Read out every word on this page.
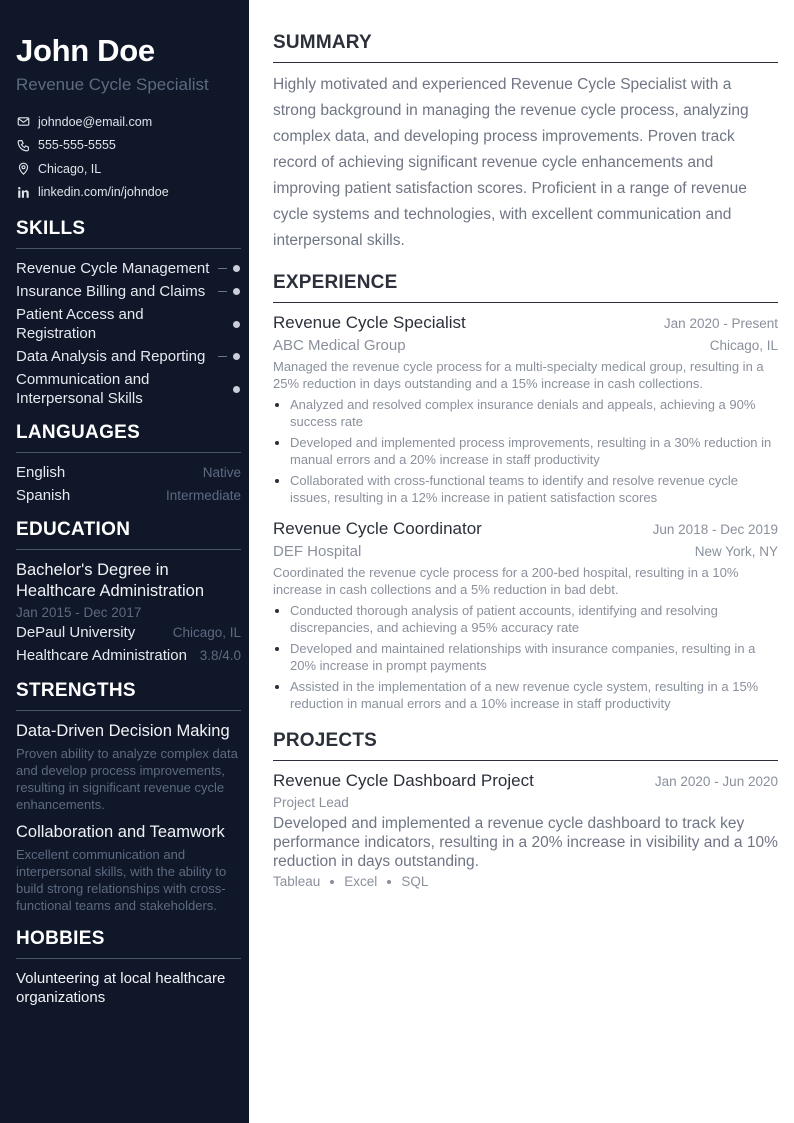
John Doe
Revenue Cycle Specialist
johndoe@email.com
555-555-5555
Chicago, IL
linkedin.com/in/johndoe
SKILLS
Revenue Cycle Management
Insurance Billing and Claims
Patient Access and Registration
Data Analysis and Reporting
Communication and Interpersonal Skills
LANGUAGES
English	Native
Spanish	Intermediate
EDUCATION
Bachelor's Degree in Healthcare Administration
Jan 2015 - Dec 2017
DePaul University	Chicago, IL
Healthcare Administration 3.8/4.0
STRENGTHS
Data-Driven Decision Making
Proven ability to analyze complex data and develop process improvements, resulting in significant revenue cycle enhancements.
Collaboration and Teamwork
Excellent communication and interpersonal skills, with the ability to build strong relationships with cross-functional teams and stakeholders.
HOBBIES
Volunteering at local healthcare organizations
SUMMARY

Highly motivated and experienced Revenue Cycle Specialist with a strong background in managing the revenue cycle process, analyzing complex data, and developing process improvements. Proven track record of achieving significant revenue cycle enhancements and improving patient satisfaction scores. Proficient in a range of revenue cycle systems and technologies, with excellent communication and interpersonal skills.

EXPERIENCE
Revenue Cycle Specialist	Jan 2020 - Present
ABC Medical Group	Chicago, IL

Managed the revenue cycle process for a multi-specialty medical group, resulting in a 25% reduction in days outstanding and a 15% increase in cash collections.

Analyzed and resolved complex insurance denials and appeals, achieving a 90% success rate
Developed and implemented process improvements, resulting in a 30% reduction in manual errors and a 20% increase in staff productivity
Collaborated with cross-functional teams to identify and resolve revenue cycle issues, resulting in a 12% increase in patient satisfaction scores
Revenue Cycle Coordinator	Jun 2018 - Dec 2019
DEF Hospital	New York, NY

Coordinated the revenue cycle process for a 200-bed hospital, resulting in a 10% increase in cash collections and a 5% reduction in bad debt.

Conducted thorough analysis of patient accounts, identifying and resolving discrepancies, and achieving a 95% accuracy rate
Developed and maintained relationships with insurance companies, resulting in a 20% increase in prompt payments
Assisted in the implementation of a new revenue cycle system, resulting in a 15% reduction in manual errors and a 10% increase in staff productivity
PROJECTS
Revenue Cycle Dashboard Project	Jan 2020 - Jun 2020
Project Lead

Developed and implemented a revenue cycle dashboard to track key performance indicators, resulting in a 20% increase in visibility and a 10% reduction in days outstanding.

Tableau Excel SQL
